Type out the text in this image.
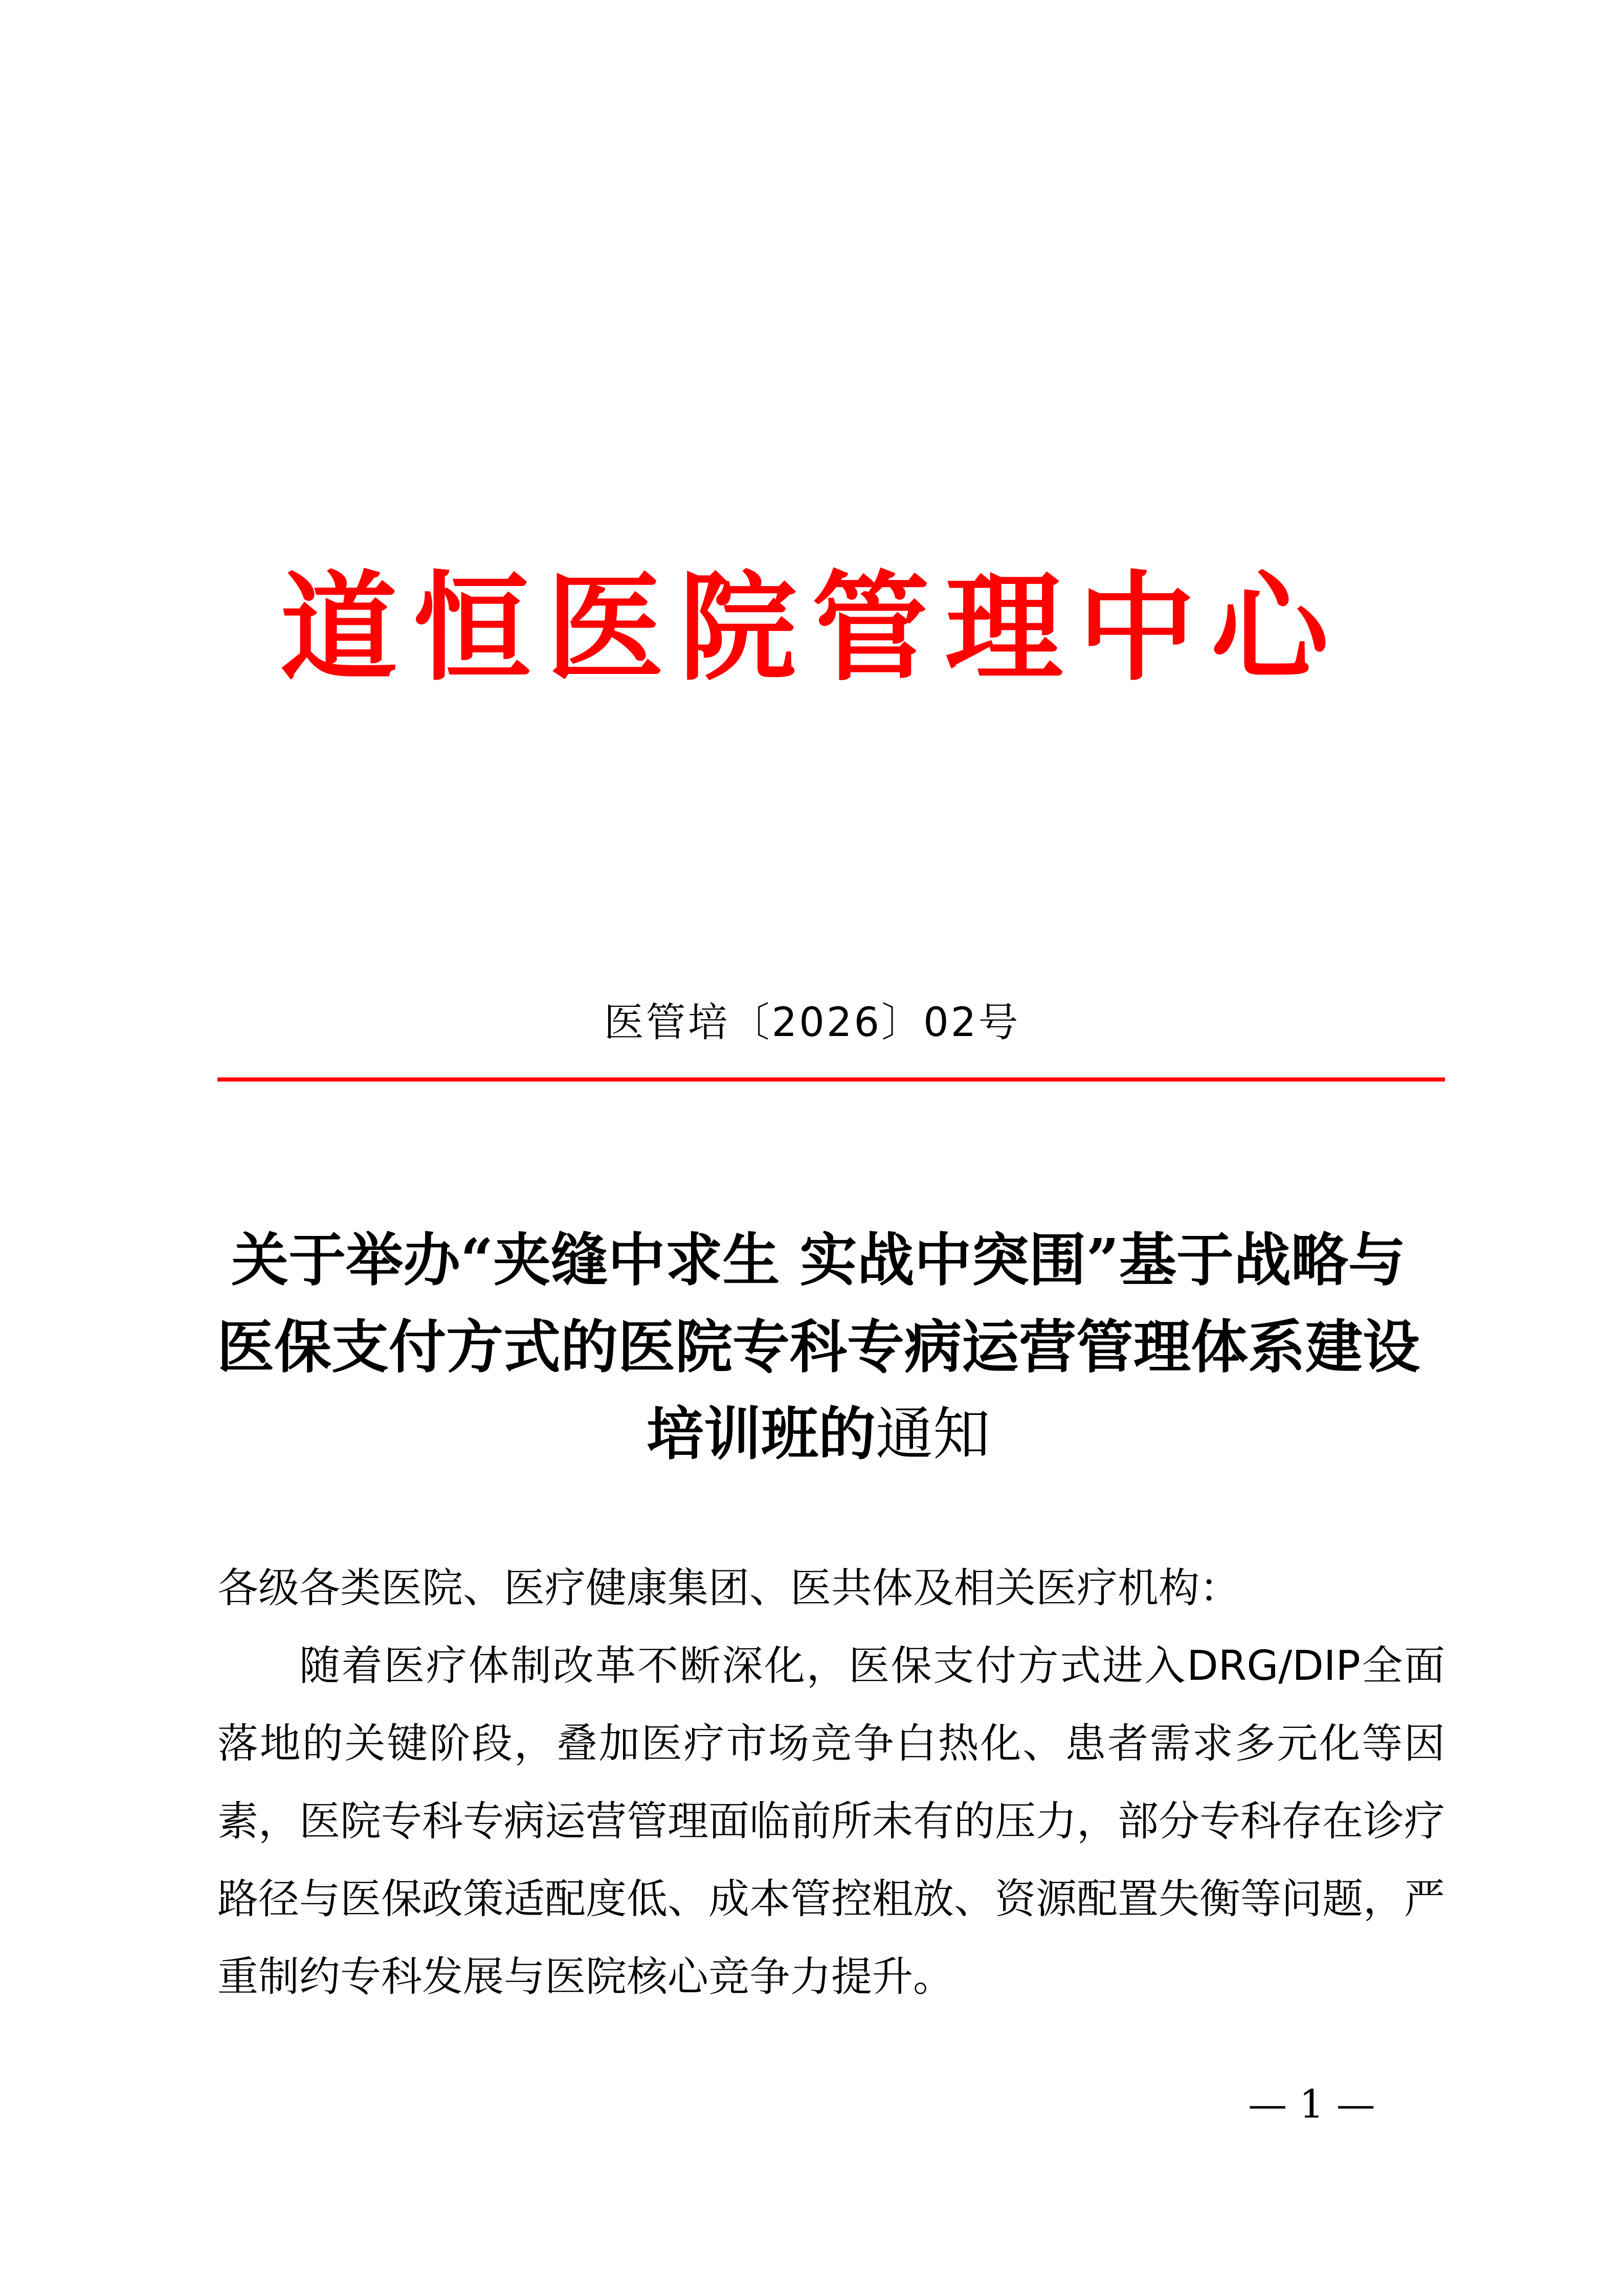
道恒医院管理中心
医管培〔2026〕02号
关于举办“夹缝中求生 实战中突围”基于战略与医保支付方式的医院专科专病运营管理体系建设培训班的通知
各级各类医院、医疗健康集团、医共体及相关医疗机构：
随着医疗体制改革不断深化，医保支付方式进入DRG/DIP全面落地的关键阶段，叠加医疗市场竞争白热化、患者需求多元化等因素，医院专科专病运营管理面临前所未有的压力，部分专科存在诊疗路径与医保政策适配度低、成本管控粗放、资源配置失衡等问题，严重制约专科发展与医院核心竞争力提升。
— 1 —
